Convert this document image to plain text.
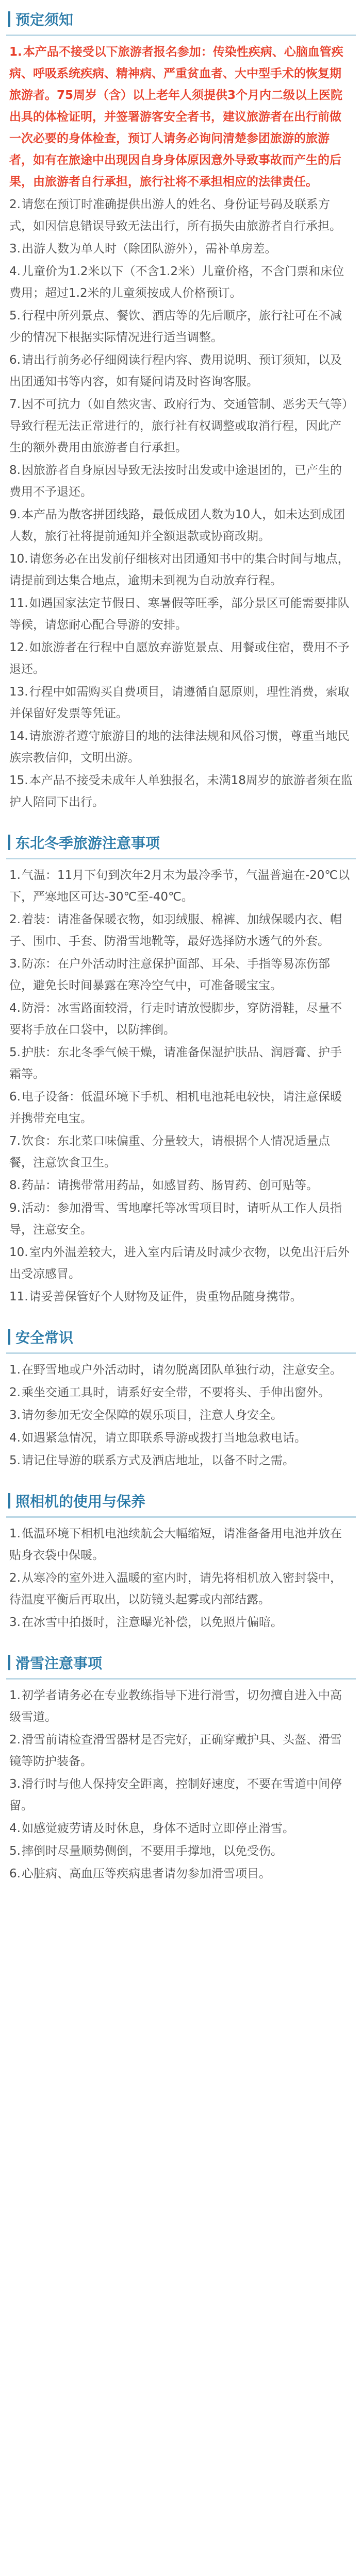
预定须知
1.本产品不接受以下旅游者报名参加：传染性疾病、心脑血管疾病、呼吸系统疾病、精神病、严重贫血者、大中型手术的恢复期旅游者。75周岁（含）以上老年人须提供3个月内二级以上医院出具的体检证明，并签署游客安全者书，建议旅游者在出行前做一次必要的身体检查，预订人请务必询问清楚参团旅游的旅游者，如有在旅途中出现因自身身体原因意外导致事故而产生的后果，由旅游者自行承担，旅行社将不承担相应的法律责任。
2.请您在预订时准确提供出游人的姓名、身份证号码及联系方式，如因信息错误导致无法出行，所有损失由旅游者自行承担。
3.出游人数为单人时（除团队游外），需补单房差。
4.儿童价为1.2米以下（不含1.2米）儿童价格，不含门票和床位费用；超过1.2米的儿童须按成人价格预订。
5.行程中所列景点、餐饮、酒店等的先后顺序，旅行社可在不减少的情况下根据实际情况进行适当调整。
6.请出行前务必仔细阅读行程内容、费用说明、预订须知，以及出团通知书等内容，如有疑问请及时咨询客服。
7.因不可抗力（如自然灾害、政府行为、交通管制、恶劣天气等）导致行程无法正常进行的，旅行社有权调整或取消行程，因此产生的额外费用由旅游者自行承担。
8.因旅游者自身原因导致无法按时出发或中途退团的，已产生的费用不予退还。
9.本产品为散客拼团线路，最低成团人数为10人，如未达到成团人数，旅行社将提前通知并全额退款或协商改期。
10.请您务必在出发前仔细核对出团通知书中的集合时间与地点，请提前到达集合地点，逾期未到视为自动放弃行程。
11.如遇国家法定节假日、寒暑假等旺季，部分景区可能需要排队等候，请您耐心配合导游的安排。
12.如旅游者在行程中自愿放弃游览景点、用餐或住宿，费用不予退还。
13.行程中如需购买自费项目，请遵循自愿原则，理性消费，索取并保留好发票等凭证。
14.请旅游者遵守旅游目的地的法律法规和风俗习惯，尊重当地民族宗教信仰，文明出游。
15.本产品不接受未成年人单独报名，未满18周岁的旅游者须在监护人陪同下出行。
东北冬季旅游注意事项
1.气温：11月下旬到次年2月末为最冷季节，气温普遍在-20℃以下，严寒地区可达-30℃至-40℃。
2.着装：请准备保暖衣物，如羽绒服、棉裤、加绒保暖内衣、帽子、围巾、手套、防滑雪地靴等，最好选择防水透气的外套。
3.防冻：在户外活动时注意保护面部、耳朵、手指等易冻伤部位，避免长时间暴露在寒冷空气中，可准备暖宝宝。
4.防滑：冰雪路面较滑，行走时请放慢脚步，穿防滑鞋，尽量不要将手放在口袋中，以防摔倒。
5.护肤：东北冬季气候干燥，请准备保湿护肤品、润唇膏、护手霜等。
6.电子设备：低温环境下手机、相机电池耗电较快，请注意保暖并携带充电宝。
7.饮食：东北菜口味偏重、分量较大，请根据个人情况适量点餐，注意饮食卫生。
8.药品：请携带常用药品，如感冒药、肠胃药、创可贴等。
9.活动：参加滑雪、雪地摩托等冰雪项目时，请听从工作人员指导，注意安全。
10.室内外温差较大，进入室内后请及时减少衣物，以免出汗后外出受凉感冒。
11.请妥善保管好个人财物及证件，贵重物品随身携带。
安全常识
1.在野雪地或户外活动时，请勿脱离团队单独行动，注意安全。
2.乘坐交通工具时，请系好安全带，不要将头、手伸出窗外。
3.请勿参加无安全保障的娱乐项目，注意人身安全。
4.如遇紧急情况，请立即联系导游或拨打当地急救电话。
5.请记住导游的联系方式及酒店地址，以备不时之需。
照相机的使用与保养
1.低温环境下相机电池续航会大幅缩短，请准备备用电池并放在贴身衣袋中保暖。
2.从寒冷的室外进入温暖的室内时，请先将相机放入密封袋中，待温度平衡后再取出，以防镜头起雾或内部结露。
3.在冰雪中拍摄时，注意曝光补偿，以免照片偏暗。
滑雪注意事项
1.初学者请务必在专业教练指导下进行滑雪，切勿擅自进入中高级雪道。
2.滑雪前请检查滑雪器材是否完好，正确穿戴护具、头盔、滑雪镜等防护装备。
3.滑行时与他人保持安全距离，控制好速度，不要在雪道中间停留。
4.如感觉疲劳请及时休息，身体不适时立即停止滑雪。
5.摔倒时尽量顺势侧倒，不要用手撑地，以免受伤。
6.心脏病、高血压等疾病患者请勿参加滑雪项目。
